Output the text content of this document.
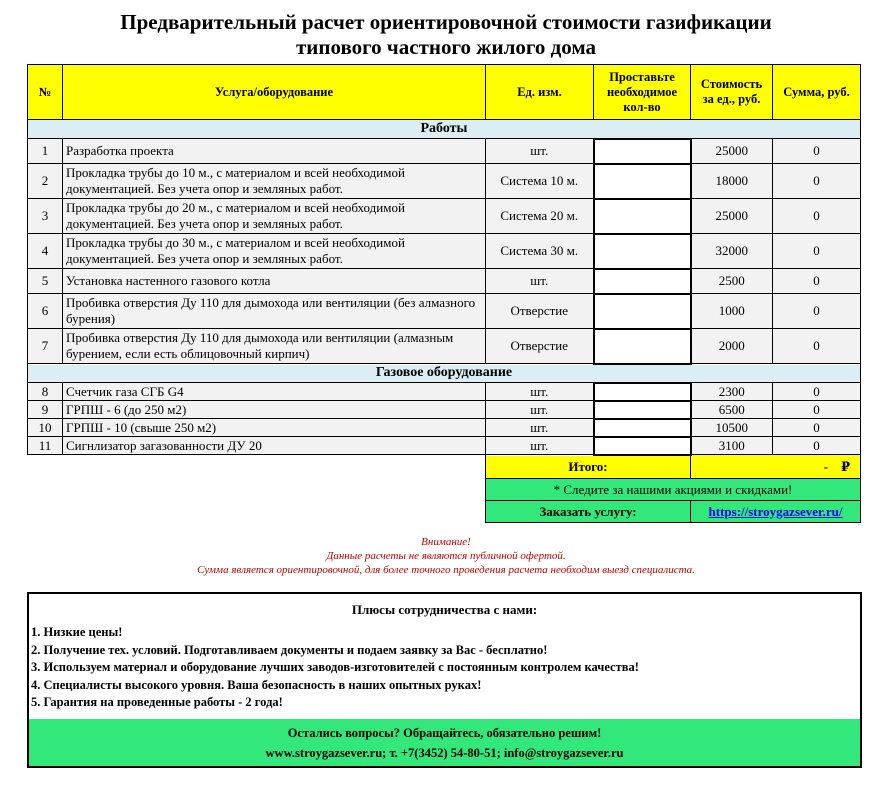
Предварительный расчет ориентировочной стоимости газификации
типового частного жилого дома
№	Услуга/оборудование	Ед. изм.	Проставьте необходимое кол-во	Стоимость за ед., руб.	Сумма, руб.
Работы					
1	Разработка проекта	шт.		25000	0
2	Прокладка трубы до 10 м., с материалом и всей необходимой документацией. Без учета опор и земляных работ.	Система 10 м.		18000	0
3	Прокладка трубы до 20 м., с материалом и всей необходимой документацией. Без учета опор и земляных работ.	Система 20 м.		25000	0
4	Прокладка трубы до 30 м., с материалом и всей необходимой документацией. Без учета опор и земляных работ.	Система 30 м.		32000	0
5	Установка настенного газового котла	шт.		2500	0
6	Пробивка отверстия Ду 110 для дымохода или вентиляции (без алмазного бурения)	Отверстие		1000	0
7	Пробивка отверстия Ду 110 для дымохода или вентиляции (алмазным бурением, если есть облицовочный кирпич)	Отверстие		2000	0
Газовое оборудование					
8	Счетчик газа СГБ G4	шт.		2300	0
9	ГРПШ - 6 (до 250 м2)	шт.		6500	0
10	ГРПШ - 10 (свыше 250 м2)	шт.		10500	0
11	Сигнлизатор загазованности ДУ 20	шт.		3100	0
		Итого:		- ₽	
		* Следите за нашими акциями и скидками!			
		Заказать услугу:		https://stroygazsever.ru/	
Внимание!
Данные расчеты не являются публичной офертой.
Сумма является ориентировочной, для более точного проведения расчета необходим выезд специалиста.
Плюсы сотрудничества с нами:
1. Низкие цены!
2. Получение тех. условий. Подготавливаем документы и подаем заявку за Вас - бесплатно!
3. Используем материал и оборудование лучших заводов-изготовителей с постоянным контролем качества!
4. Специалисты высокого уровня. Ваша безопасность в наших опытных руках!
5. Гарантия на проведенные работы - 2 года!
Остались вопросы? Обращайтесь, обязательно решим!
www.stroygazsever.ru; т. +7(3452) 54-80-51; info@stroygazsever.ru
